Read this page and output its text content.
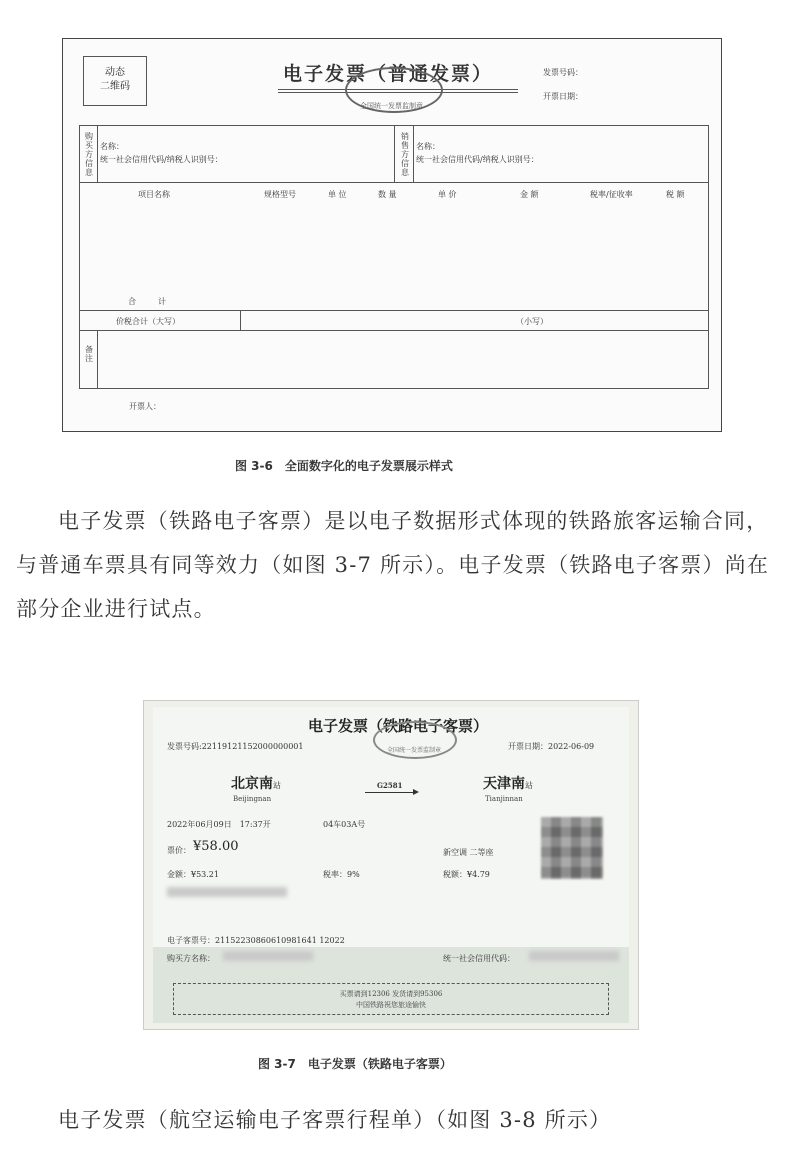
动态
二维码
电子发票（普通发票）
全国统一发票监制章
发票号码：
开票日期：
购买方信息
名称：
统一社会信用代码/纳税人识别号：
销售方信息
名称：
统一社会信用代码/纳税人识别号：
项目名称	规格型号	单 位	数 量	单 价	金 额	税率/征收率	税 额
合计
价税合计（大写）	（小写）
备注
开票人：
图 3-6　全面数字化的电子发票展示样式
电子发票（铁路电子客票）是以电子数据形式体现的铁路旅客运输合同，与普通车票具有同等效力（如图 3-7 所示）。电子发票（铁路电子客票）尚在部分企业进行试点。
电子发票（铁路电子客票）
全国统一发票监制章
发票号码:22119121152000000001	开票日期：2022-06-09
北京南站
Beijingnan
G2581	天津南站
Tianjinnan
2022年06月09日　17:37开	04车03A号
票价： ¥58.00	新空调 二等座
金额：¥53.21	税率：9%	税额：¥4.79
电子客票号：21152230860610981641 12022
购买方名称：	统一社会信用代码：
买票请到12306 发货请到95306
中国铁路祝您旅途愉快
图 3-7　电子发票（铁路电子客票）
电子发票（航空运输电子客票行程单）（如图 3-8 所示）
